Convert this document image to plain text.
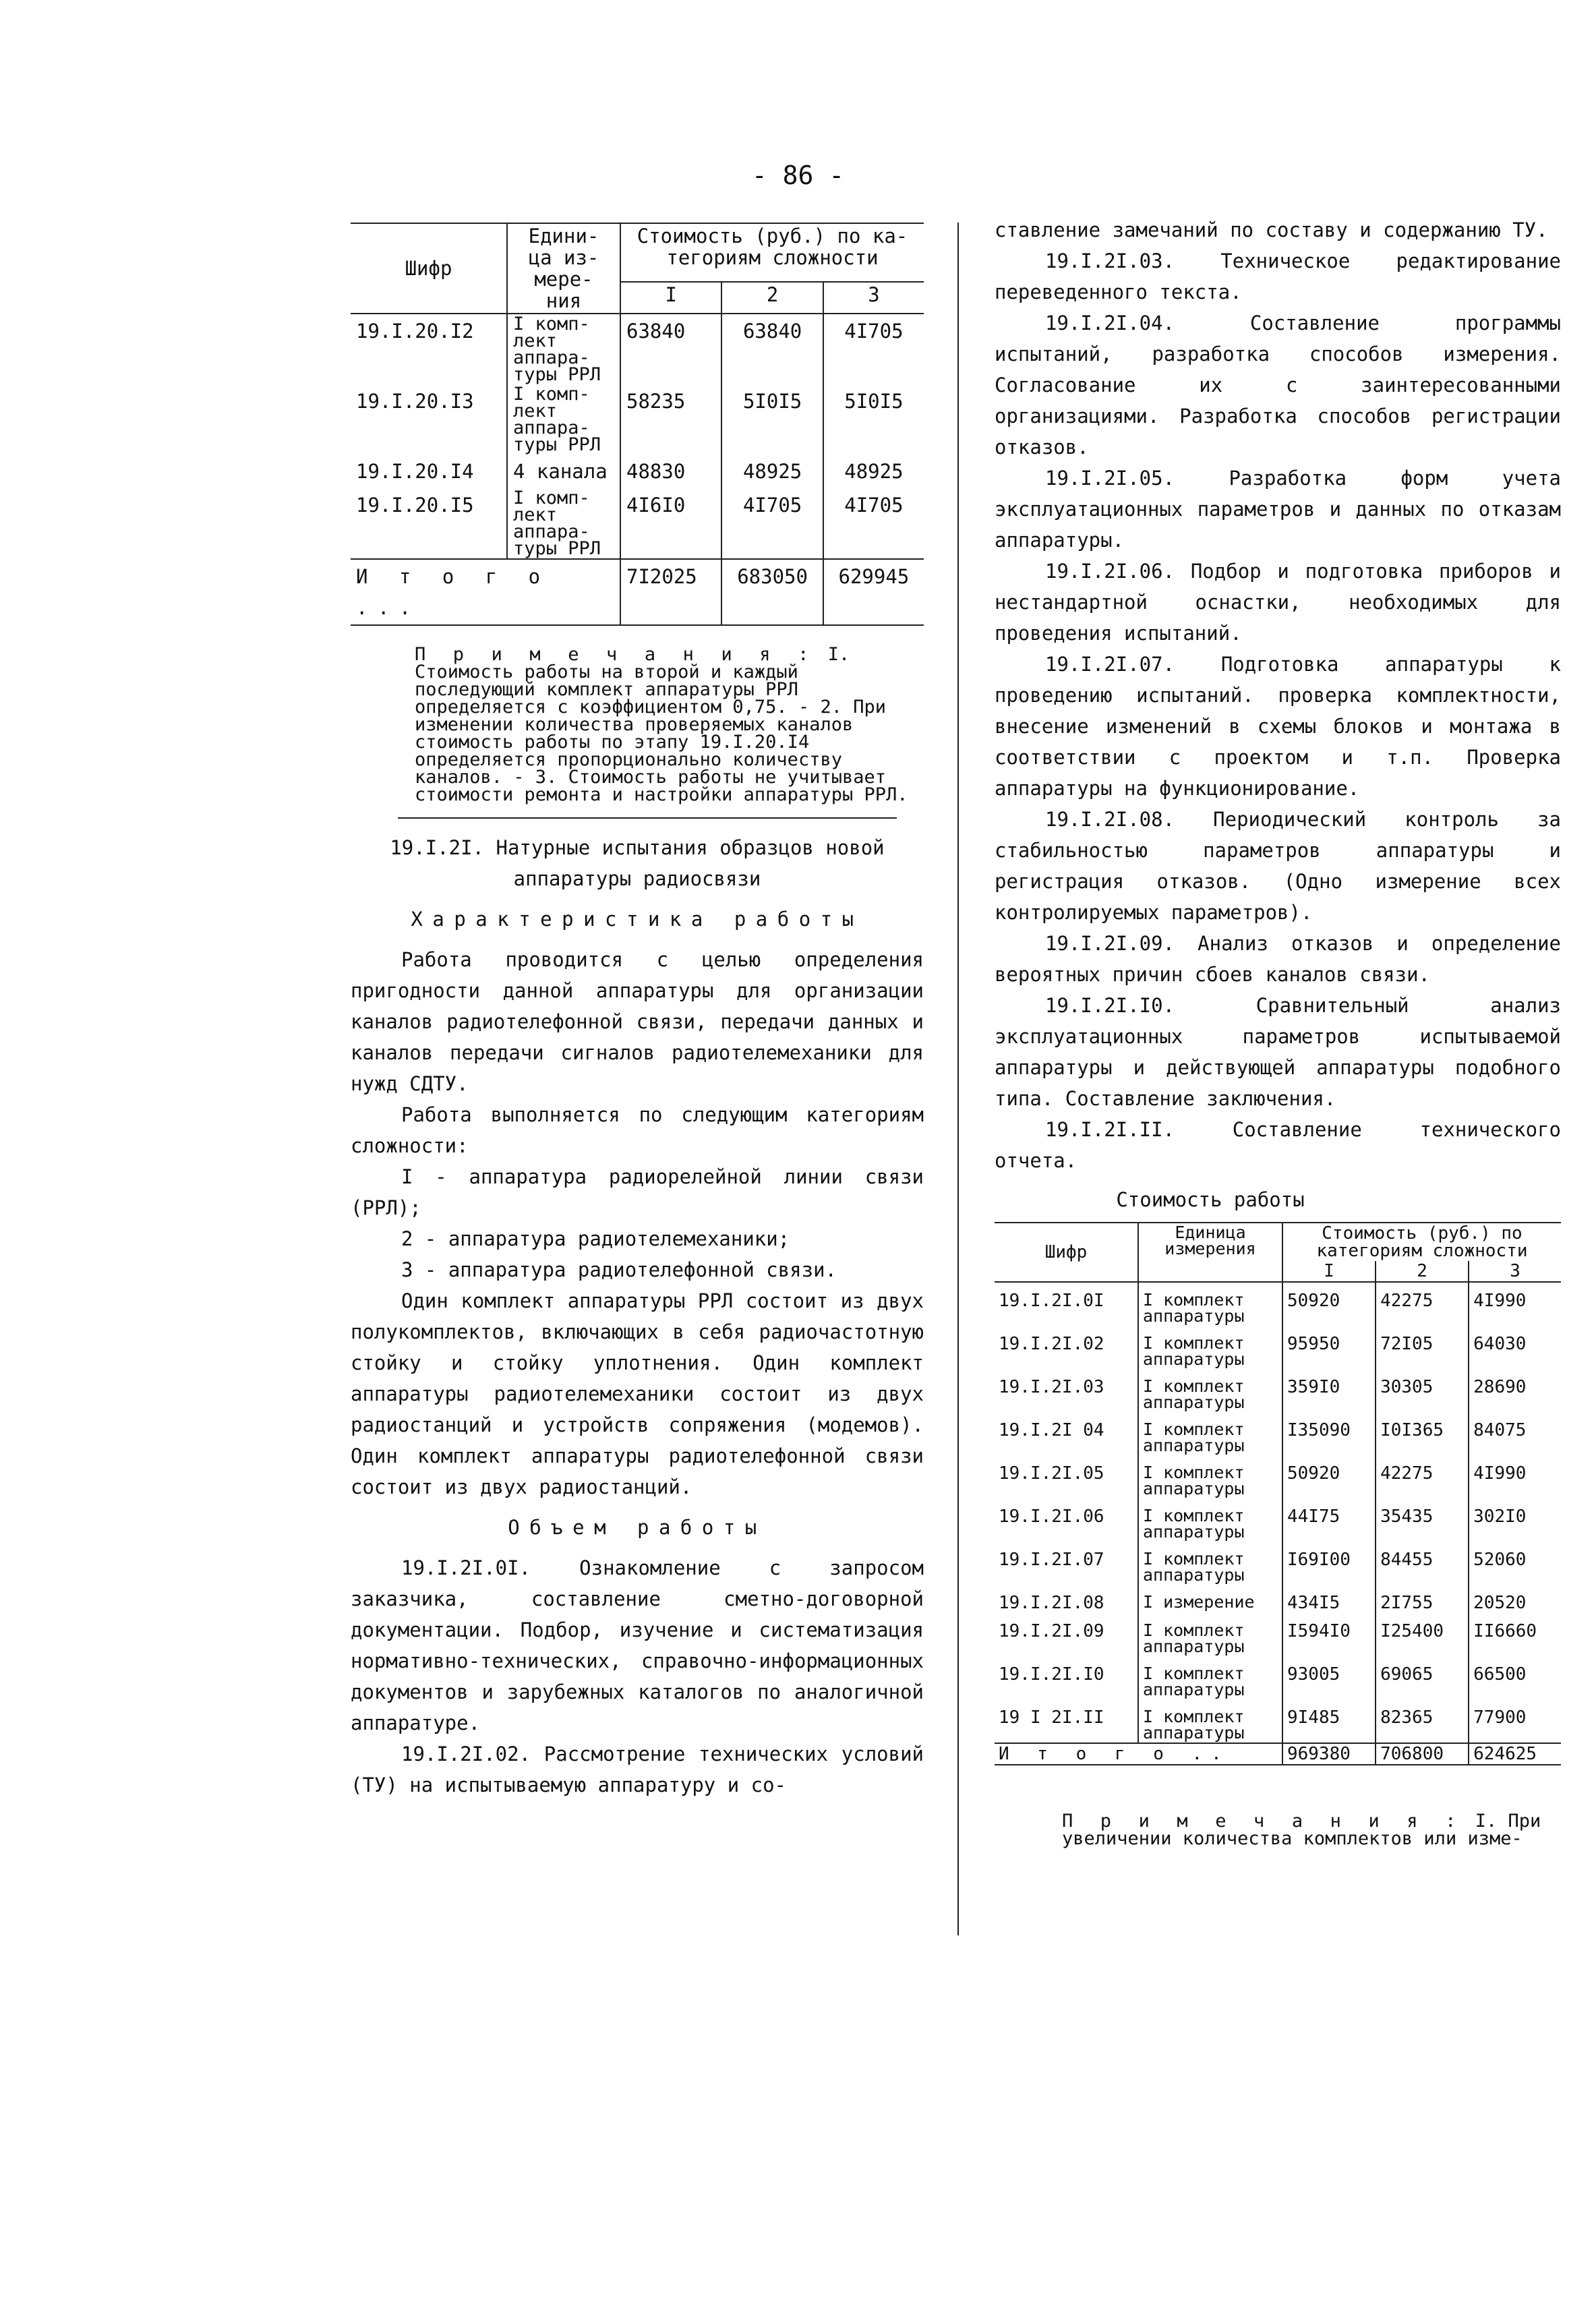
- 86 -
Шифр	Едини- ца из- мере- ния	Стоимость (руб.) по ка- тегориям сложности		
		I	2	3
19.I.20.I2	I комп- лект аппара- туры РРЛ	63840	63840	4I705
19.I.20.I3	I комп- лект аппара- туры РРЛ	58235	5I0I5	5I0I5
19.I.20.I4	4 канала	48830	48925	48925
19.I.20.I5	I комп- лект аппара- туры РРЛ	4I6I0	4I705	4I705
И т о г о ...		7I2025	683050	629945
П р и м е ч а н и я : I. Стоимость работы на второй и каждый последующий комплект аппаратуры РРЛ определяется с коэффициентом 0,75. - 2. При изменении количества проверяемых каналов стоимость работы по этапу 19.I.20.I4 определяется пропорционально количеству каналов. - 3. Стоимость работы не учитывает стоимости ремонта и настройки аппаратуры РРЛ.

19.I.2I. Натурные испытания образцов новой аппаратуры радиосвязи

Характеристика работы

Работа проводится с целью определения пригодности данной аппаратуры для организации каналов радиотелефонной связи, передачи данных и каналов передачи сигналов радиотелемеханики для нужд СДТУ.

Работа выполняется по следующим категориям сложности:

I - аппаратура радиорелейной линии связи (РРЛ);

2 - аппаратура радиотелемеханики;

3 - аппаратура радиотелефонной связи.

Один комплект аппаратуры РРЛ состоит из двух полукомплектов, включающих в себя радиочастотную стойку и стойку уплотнения. Один комплект аппаратуры радиотелемеханики состоит из двух радиостанций и устройств сопряжения (модемов). Один комплект аппаратуры радиотелефонной связи состоит из двух радиостанций.

Объем работы

19.I.2I.0I. Ознакомление с запросом заказчика, составление сметно-договорной документации. Подбор, изучение и систематизация нормативно-технических, справочно-информационных документов и зарубежных каталогов по аналогичной аппаратуре.

19.I.2I.02. Рассмотрение технических условий (ТУ) на испытываемую аппаратуру и со-

ставление замечаний по составу и содержанию ТУ.

19.I.2I.03. Техническое редактирование переведенного текста.

19.I.2I.04. Составление программы испытаний, разработка способов измерения. Согласование их с заинтересованными организациями. Разработка способов регистрации отказов.

19.I.2I.05. Разработка форм учета эксплуатационных параметров и данных по отказам аппаратуры.

19.I.2I.06. Подбор и подготовка приборов и нестандартной оснастки, необходимых для проведения испытаний.

19.I.2I.07. Подготовка аппаратуры к проведению испытаний. проверка комплектности, внесение изменений в схемы блоков и монтажа в соответствии с проектом и т.п. Проверка аппаратуры на функционирование.

19.I.2I.08. Периодический контроль за стабильностью параметров аппаратуры и регистрация отказов. (Одно измерение всех контролируемых параметров).

19.I.2I.09. Анализ отказов и определение вероятных причин сбоев каналов связи.

19.I.2I.I0. Сравнительный анализ эксплуатационных параметров испытываемой аппаратуры и действующей аппаратуры подобного типа. Составление заключения.

19.I.2I.II. Составление технического отчета.

Стоимость работы

Шифр	Единица измерения	Стоимость (руб.) по категориям сложности		
		I	2	3
19.I.2I.0I	I комплект аппаратуры	50920	42275	4I990
19.I.2I.02	I комплект аппаратуры	95950	72I05	64030
19.I.2I.03	I комплект аппаратуры	359I0	30305	28690
19.I.2I 04	I комплект аппаратуры	I35090	I0I365	84075
19.I.2I.05	I комплект аппаратуры	50920	42275	4I990
19.I.2I.06	I комплект аппаратуры	44I75	35435	302I0
19.I.2I.07	I комплект аппаратуры	I69I00	84455	52060
19.I.2I.08	I измерение	434I5	2I755	20520
19.I.2I.09	I комплект аппаратуры	I594I0	I25400	II6660
19.I.2I.I0	I комплект аппаратуры	93005	69065	66500
19 I 2I.II	I комплект аппаратуры	9I485	82365	77900
И т о г о ..		969380	706800	624625
П р и м е ч а н и я : I. При увеличении количества комплектов или изме-
